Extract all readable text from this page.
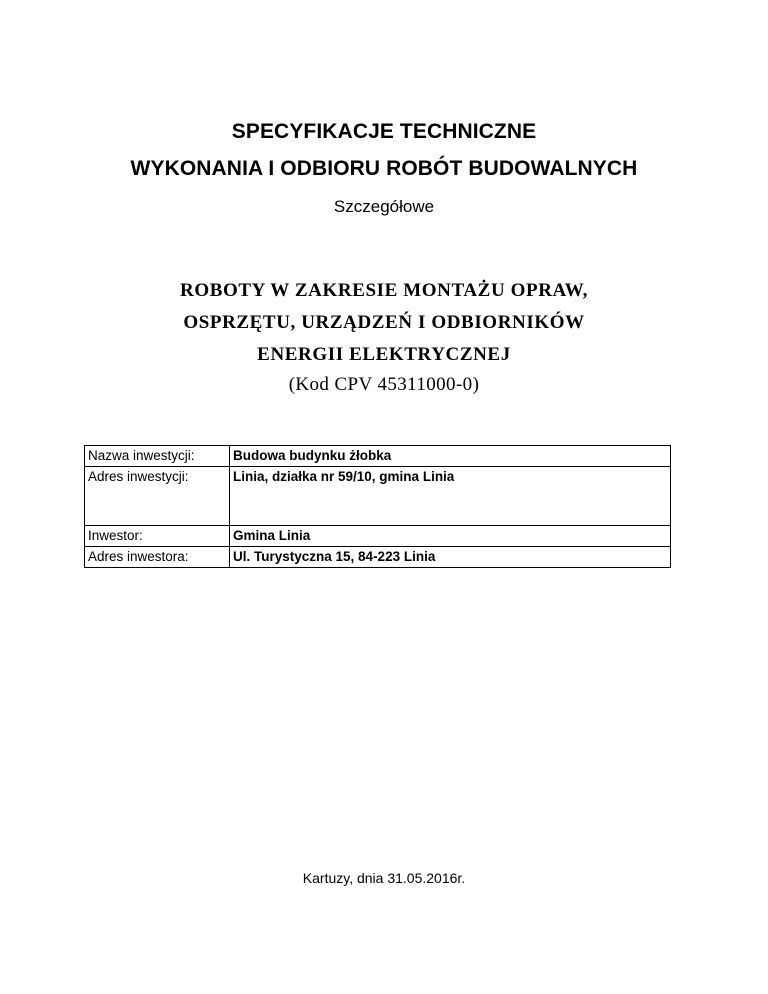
SPECYFIKACJE TECHNICZNE
WYKONANIA I ODBIORU ROBÓT BUDOWALNYCH
Szczegółowe
ROBOTY W ZAKRESIE MONTAŻU OPRAW,
OSPRZĘTU, URZĄDZEŃ I ODBIORNIKÓW
ENERGII ELEKTRYCZNEJ
(Kod CPV 45311000-0)
Nazwa inwestycji:	Budowa budynku żłobka
Adres inwestycji:	Linia, działka nr 59/10, gmina Linia
Inwestor:	Gmina Linia
Adres inwestora:	Ul. Turystyczna 15, 84-223 Linia
Kartuzy, dnia 31.05.2016r.
